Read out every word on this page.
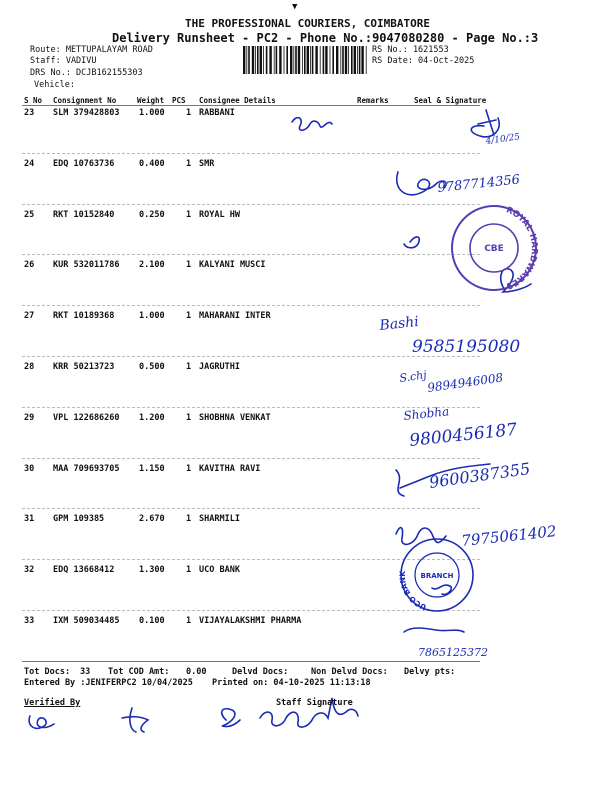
▼
THE PROFESSIONAL COURIERS, COIMBATORE
Delivery Runsheet - PC2 - Phone No.:9047080280 - Page No.:3
Route: METTUPALAYAM ROAD
Staff: VADIVU
DRS No.: DCJB162155303
Vehicle:
RS No.: 1621553
RS Date: 04-Oct-2025
S No Consignment No	Weight PCS Consignee Details	Remarks	Seal & Signature
23 SLM 379428803 1.000	1 RABBANI
24 EDQ 10763736	0.400	1 SMR
25 RKT 10152840	0.250	1 ROYAL HW
26 KUR 532011786 2.100	1 KALYANI MUSCI
27 RKT 10189368	1.000	1 MAHARANI INTER
28 KRR 50213723	0.500	1 JAGRUTHI
29 VPL 122686260 1.200	1 SHOBHNA VENKAT
30 MAA 709693705 1.150	1 KAVITHA RAVI
31 GPM 109385	2.670	1 SHARMILI
32 EDQ 13668412	1.300	1 UCO BANK
33 IXM 509034485 0.100	1 VIJAYALAKSHMI PHARMA
ROYAL HARDWARES
CBE
UCO BANK	BRANCH
4/10/25
9787714356
Bashi
9585195080
S.chj 9894946008
Shobha
9800456187
9600387355
7975061402
7865125372
Tot Docs: 33 Tot COD Amt: 0.00	Delvd Docs:	Non Delvd Docs: Delvy pts:
Entered By :JENIFERPC2 10/04/2025 Printed on: 04-10-2025 11:13:18
Verified By	Staff Signature
